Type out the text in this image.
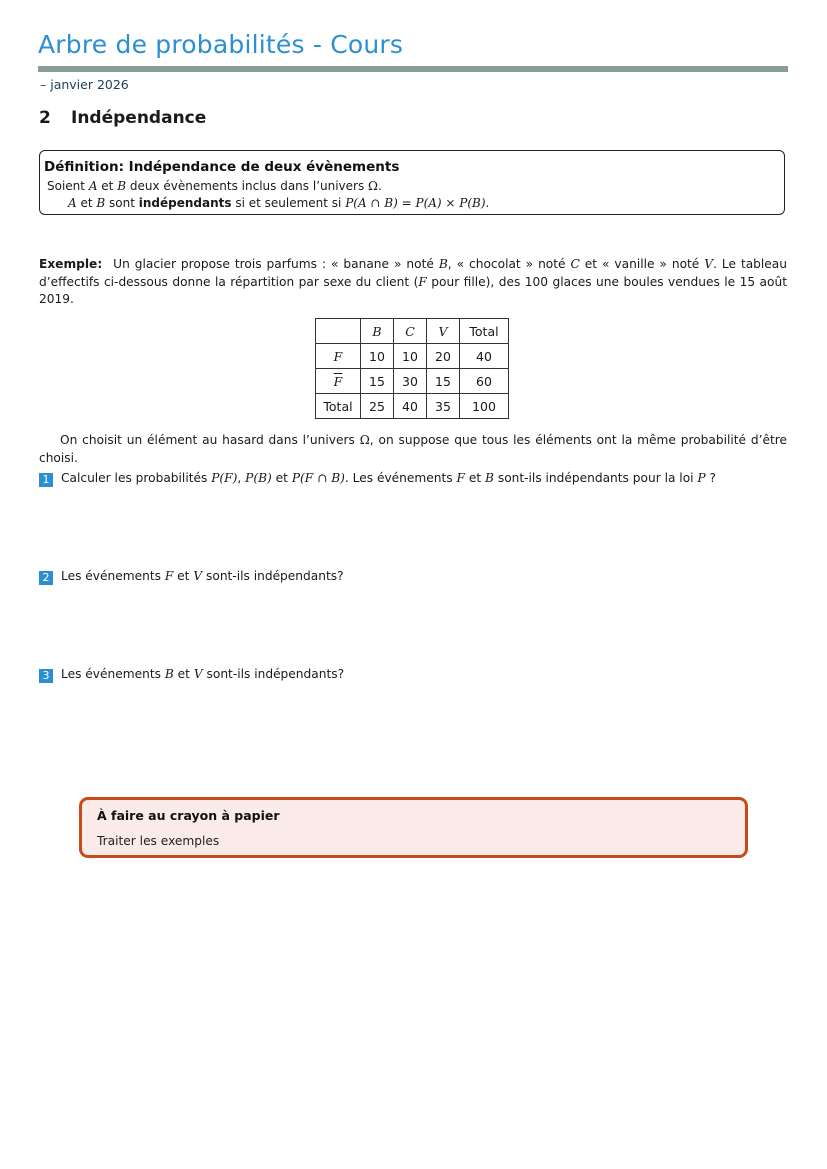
Arbre de probabilités - Cours
– janvier 2026
2 Indépendance
Définition: Indépendance de deux évènements
Soient A et B deux évènements inclus dans l’univers Ω.
A et B sont indépendants si et seulement si P(A ∩ B) = P(A) × P(B).
Exemple: Un glacier propose trois parfums : « banane » noté B, « chocolat » noté C et « vanille » noté V. Le tableau d’effectifs ci-dessous donne la répartition par sexe du client (F pour fille), des 100 glaces une boules vendues le 15 août 2019.
	B	C	V	Total
F	10	10	20	40
$\overline{F}$	15	30	15	60
Total	25	40	35	100
On choisit un élément au hasard dans l’univers Ω, on suppose que tous les éléments ont la même probabilité d’être choisi.
1 Calculer les probabilités P(F), P(B) et P(F ∩ B). Les événements F et B sont-ils indépendants pour la loi P ?
2 Les événements F et V sont-ils indépendants?
3 Les événements B et V sont-ils indépendants?
À faire au crayon à papier
Traiter les exemples
